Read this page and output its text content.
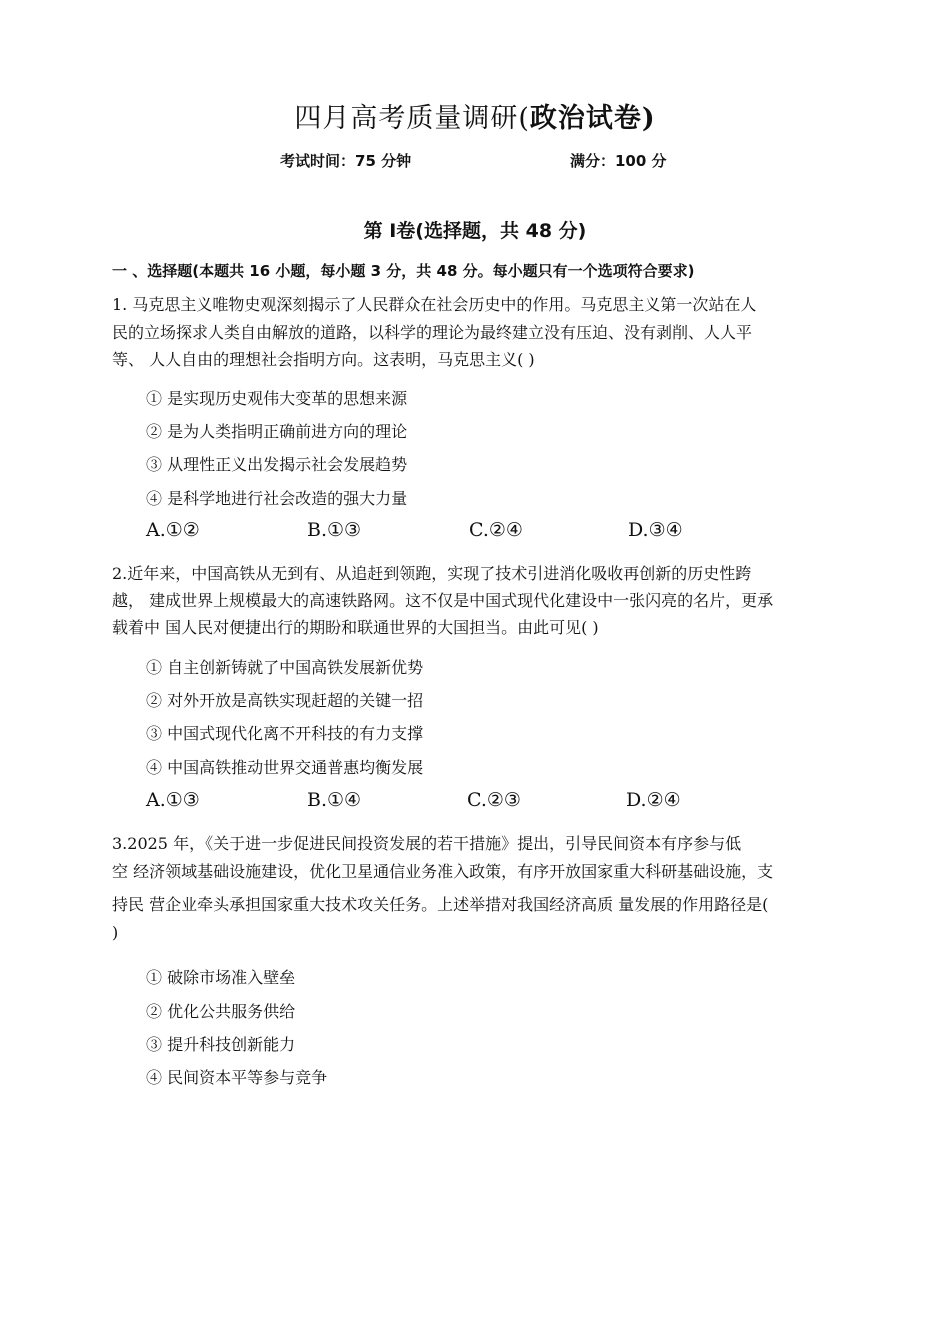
四月高考质量调研(政治试卷)
考试时间：75 分钟	满分：100 分
第 Ⅰ卷(选择题，共 48 分)
一 、选择题(本题共 16 小题，每小题 3 分，共 48 分。每小题只有一个选项符合要求)
1. 马克思主义唯物史观深刻揭示了人民群众在社会历史中的作用。马克思主义第一次站在人
民的立场探求人类自由解放的道路，以科学的理论为最终建立没有压迫、没有剥削、人人平
等、 人人自由的理想社会指明方向。这表明，马克思主义( )
① 是实现历史观伟大变革的思想来源
② 是为人类指明正确前进方向的理论
③ 从理性正义出发揭示社会发展趋势
④ 是科学地进行社会改造的强大力量
A.①②	B.①③	C.②④	D.③④
2.近年来，中国高铁从无到有、从追赶到领跑，实现了技术引进消化吸收再创新的历史性跨
越， 建成世界上规模最大的高速铁路网。这不仅是中国式现代化建设中一张闪亮的名片，更承
载着中 国人民对便捷出行的期盼和联通世界的大国担当。由此可见( )
① 自主创新铸就了中国高铁发展新优势
② 对外开放是高铁实现赶超的关键一招
③ 中国式现代化离不开科技的有力支撑
④ 中国高铁推动世界交通普惠均衡发展
A.①③	B.①④	C.②③	D.②④
3.2025 年，《关于进一步促进民间投资发展的若干措施》提出，引导民间资本有序参与低
空 经济领域基础设施建设，优化卫星通信业务准入政策，有序开放国家重大科研基础设施，支
持民 营企业牵头承担国家重大技术攻关任务。上述举措对我国经济高质 量发展的作用路径是(
)
① 破除市场准入壁垒
② 优化公共服务供给
③ 提升科技创新能力
④ 民间资本平等参与竞争
